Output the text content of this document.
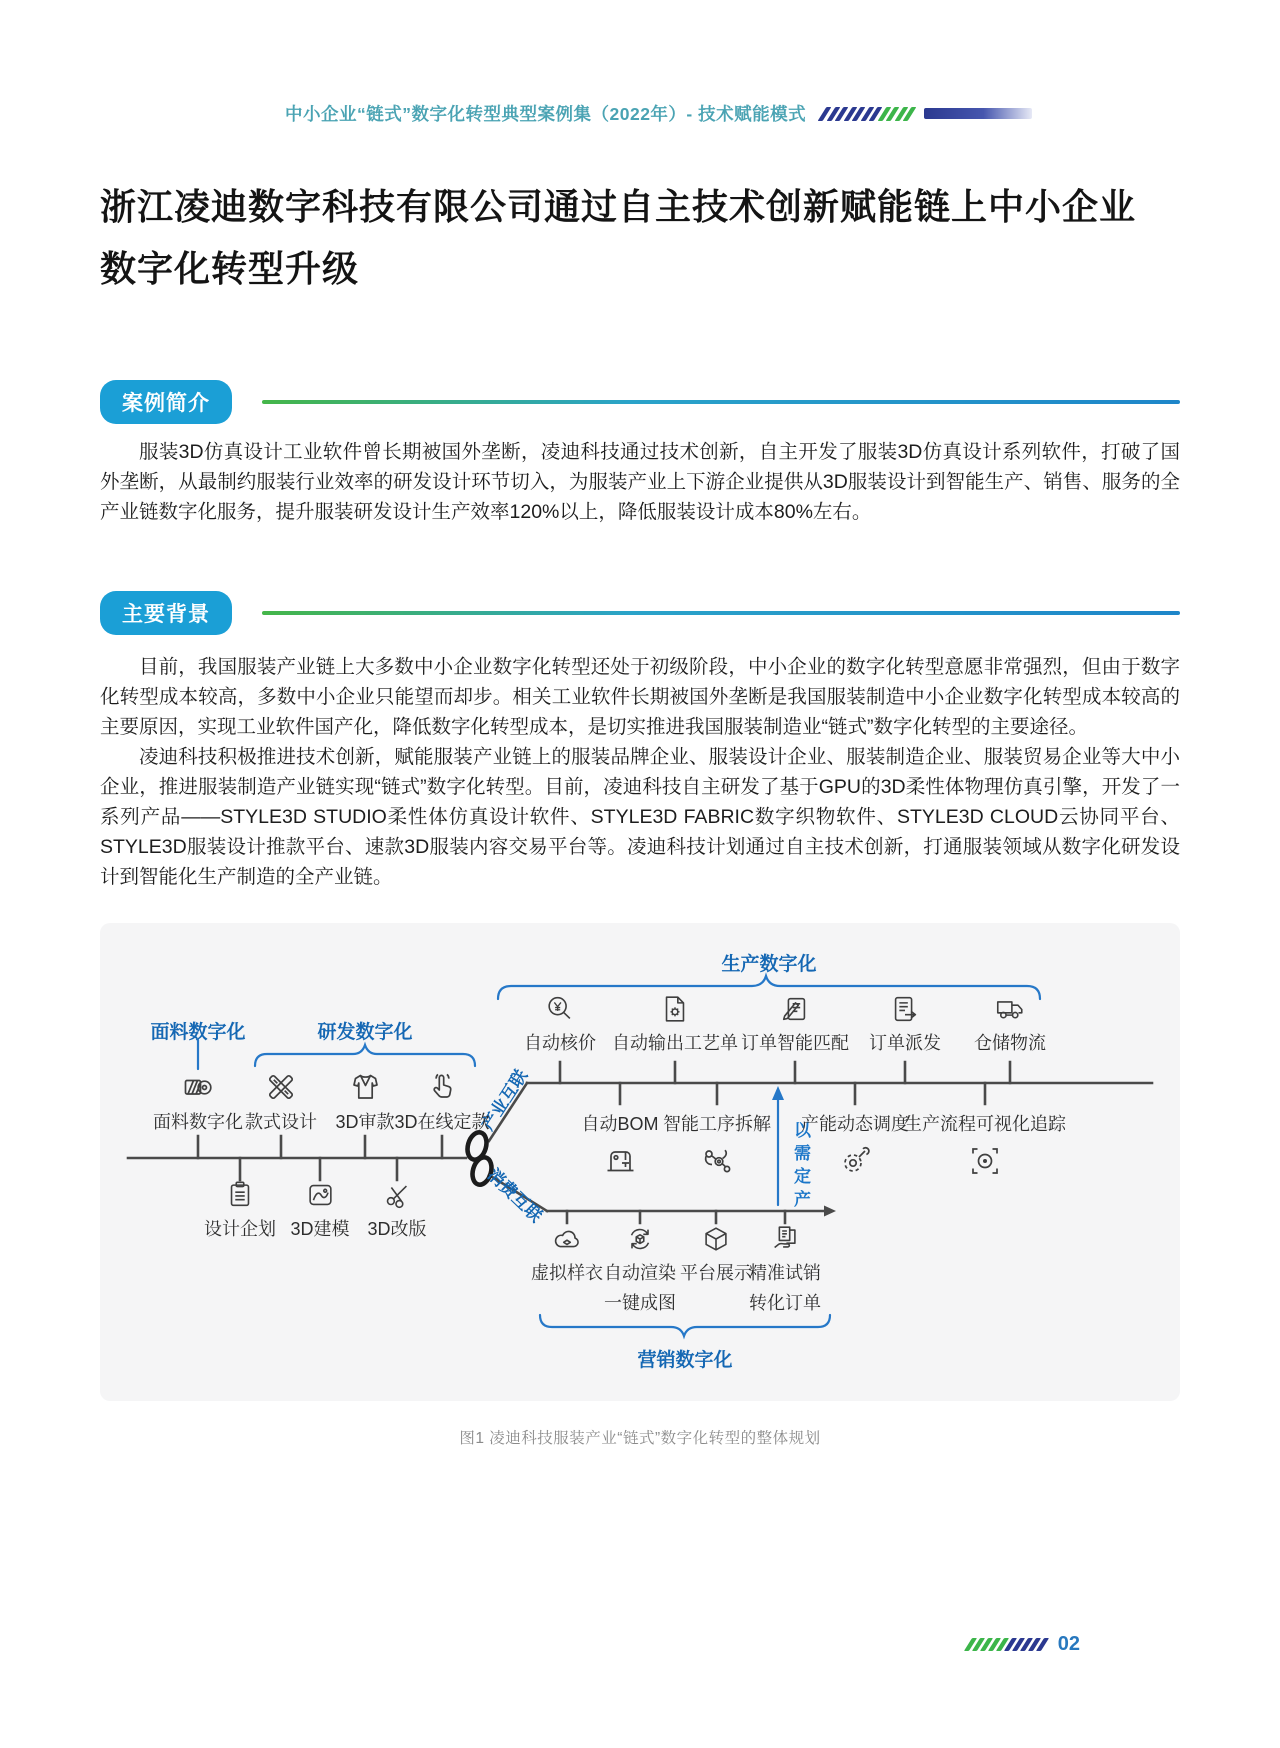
中小企业“链式”数字化转型典型案例集（2022年）- 技术赋能模式
浙江凌迪数字科技有限公司通过自主技术创新赋能链上中小企业
数字化转型升级
案例简介

服装3D仿真设计工业软件曾长期被国外垄断，凌迪科技通过技术创新，自主开发了服装3D仿真设计系列软件，打破了国外垄断，从最制约服装行业效率的研发设计环节切入，为服装产业上下游企业提供从3D服装设计到智能生产、销售、服务的全产业链数字化服务，提升服装研发设计生产效率120%以上，降低服装设计成本80%左右。

主要背景

目前，我国服装产业链上大多数中小企业数字化转型还处于初级阶段，中小企业的数字化转型意愿非常强烈，但由于数字化转型成本较高，多数中小企业只能望而却步。相关工业软件长期被国外垄断是我国服装制造中小企业数字化转型成本较高的主要原因，实现工业软件国产化，降低数字化转型成本，是切实推进我国服装制造业“链式”数字化转型的主要途径。

凌迪科技积极推进技术创新，赋能服装产业链上的服装品牌企业、服装设计企业、服装制造企业、服装贸易企业等大中小企业，推进服装制造产业链实现“链式”数字化转型。目前，凌迪科技自主研发了基于GPU的3D柔性体物理仿真引擎，开发了一系列产品——STYLE3D STUDIO柔性体仿真设计软件、STYLE3D FABRIC数字织物软件、STYLE3D CLOUD云协同平台、STYLE3D服装设计推款平台、速款3D服装内容交易平台等。凌迪科技计划通过自主技术创新，打通服装领域从数字化研发设计到智能化生产制造的全产业链。

面料数字化	研发数字化
生产数字化
营销数字化
产业互联
消费互联	以需定产
面料数字化 款式设计 3D审款 3D在线定款
设计企划 3D建模 3D改版
自动核价 自动输出工艺单 订单智能匹配 订单派发 仓储物流
自动BOM 智能工序拆解 产能动态调度
生产流程可视化追踪
虚拟样衣 自动渲染
一键成图
平台展示
精准试销
转化订单
图1 凌迪科技服装产业“链式”数字化转型的整体规划
02
